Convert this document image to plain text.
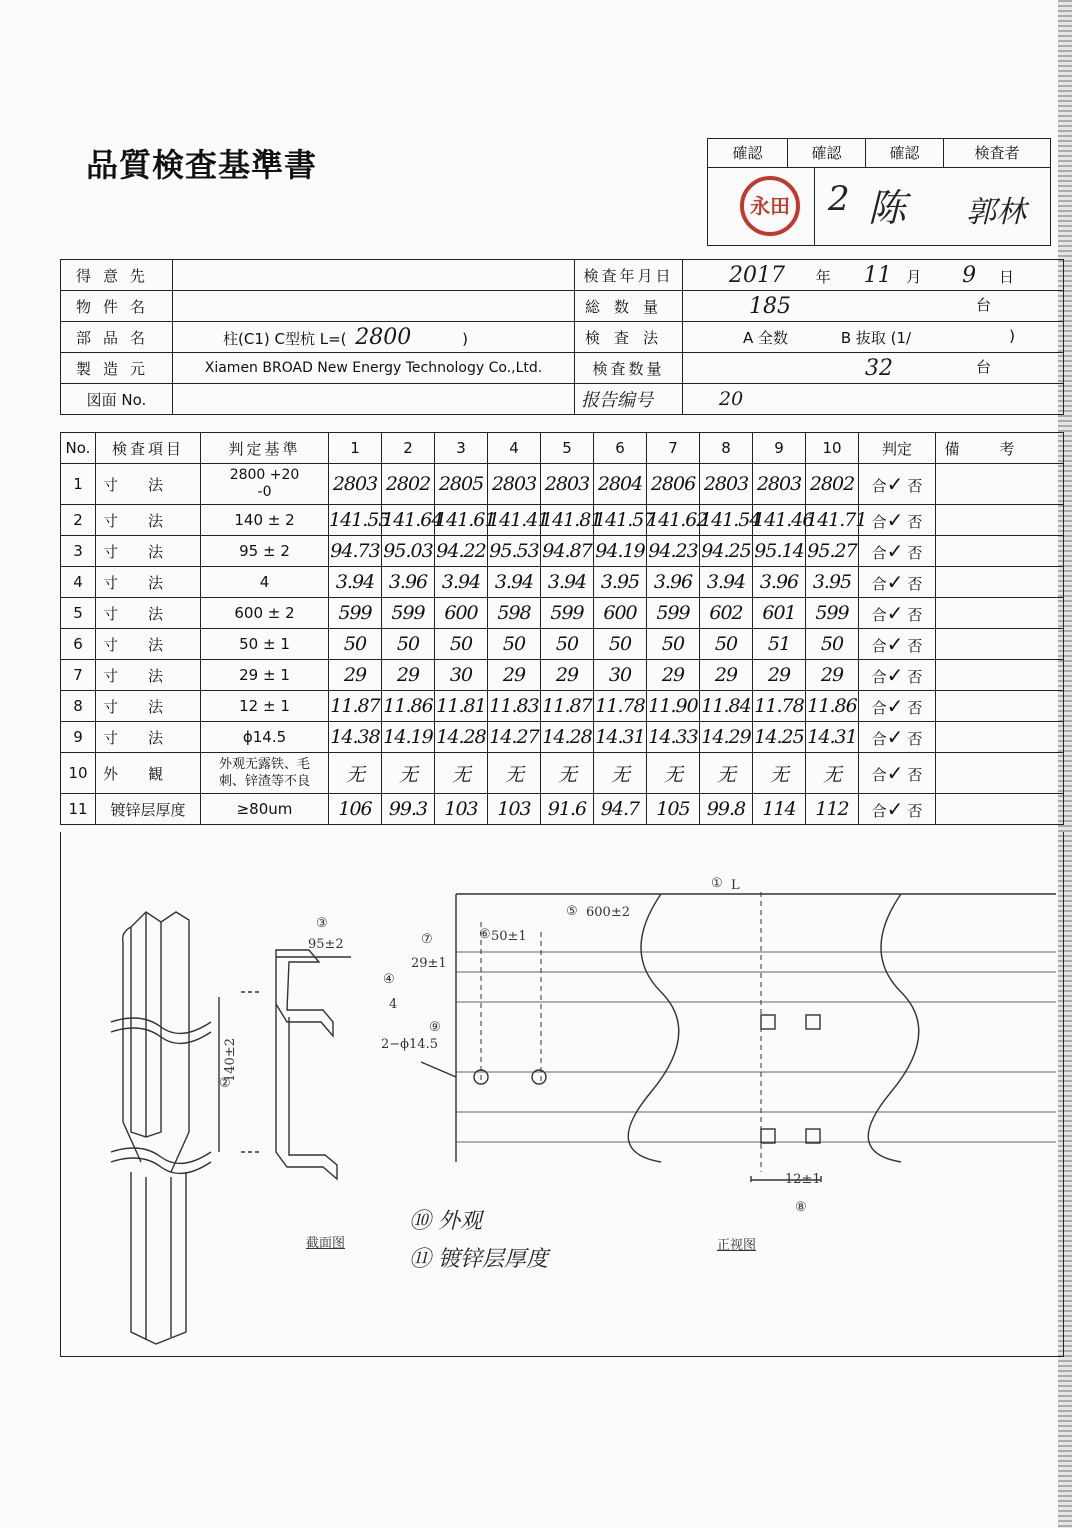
品質検査基準書	確認	確認	確認	検査者
永田 2 陈 郭林
得意先		検査年月日	2017 年 11 月 9 日
物件名		総数量	185 台

部品名	柱(C1) C型杭 L=( 2800 )	検査法	A 全数 B 抜取 (1/ )

製造元	Xiamen BROAD New Energy Technology Co.,Ltd.	検査数量	32 台

図面 No.		报告编号	20
No.	検査項目	判定基準	1	2	3	4	5	6	7	8	9	10	判定	備考
1	寸法	2800 +20
-0	2803	2802	2805	2803	2803	2804	2806	2803	2803	2802	合✓ 否	
2	寸法	140 ± 2	141.55	141.64	141.61	141.41	141.81	141.57	141.62	141.54	141.46	141.71	合✓ 否	
3	寸法	95 ± 2	94.73	95.03	94.22	95.53	94.87	94.19	94.23	94.25	95.14	95.27	合✓ 否	
4	寸法	4	3.94	3.96	3.94	3.94	3.94	3.95	3.96	3.94	3.96	3.95	合✓ 否	
5	寸法	600 ± 2	599	599	600	598	599	600	599	602	601	599	合✓ 否	
6	寸法	50 ± 1	50	50	50	50	50	50	50	50	51	50	合✓ 否	
7	寸法	29 ± 1	29	29	30	29	29	30	29	29	29	29	合✓ 否	
8	寸法	12 ± 1	11.87	11.86	11.81	11.83	11.87	11.78	11.90	11.84	11.78	11.86	合✓ 否	
9	寸法	ϕ14.5	14.38	14.19	14.28	14.27	14.28	14.31	14.33	14.29	14.25	14.31	合✓ 否	
10	外観	外观无露铁、毛
刺、锌渣等不良	无	无	无	无	无	无	无	无	无	无	合✓ 否	
11	镀锌层厚度	≥80um	106	99.3	103	103	91.6	94.7	105	99.8	114	112	合✓ 否	
③
95±2
④
4
⑨
2−ϕ14.5
⑦
29±1
⑥ 50±1
⑤ 600±2
① L
②
140±2
12±1
⑧
截面图	正视图
⑩ 外观
⑪ 镀锌层厚度
